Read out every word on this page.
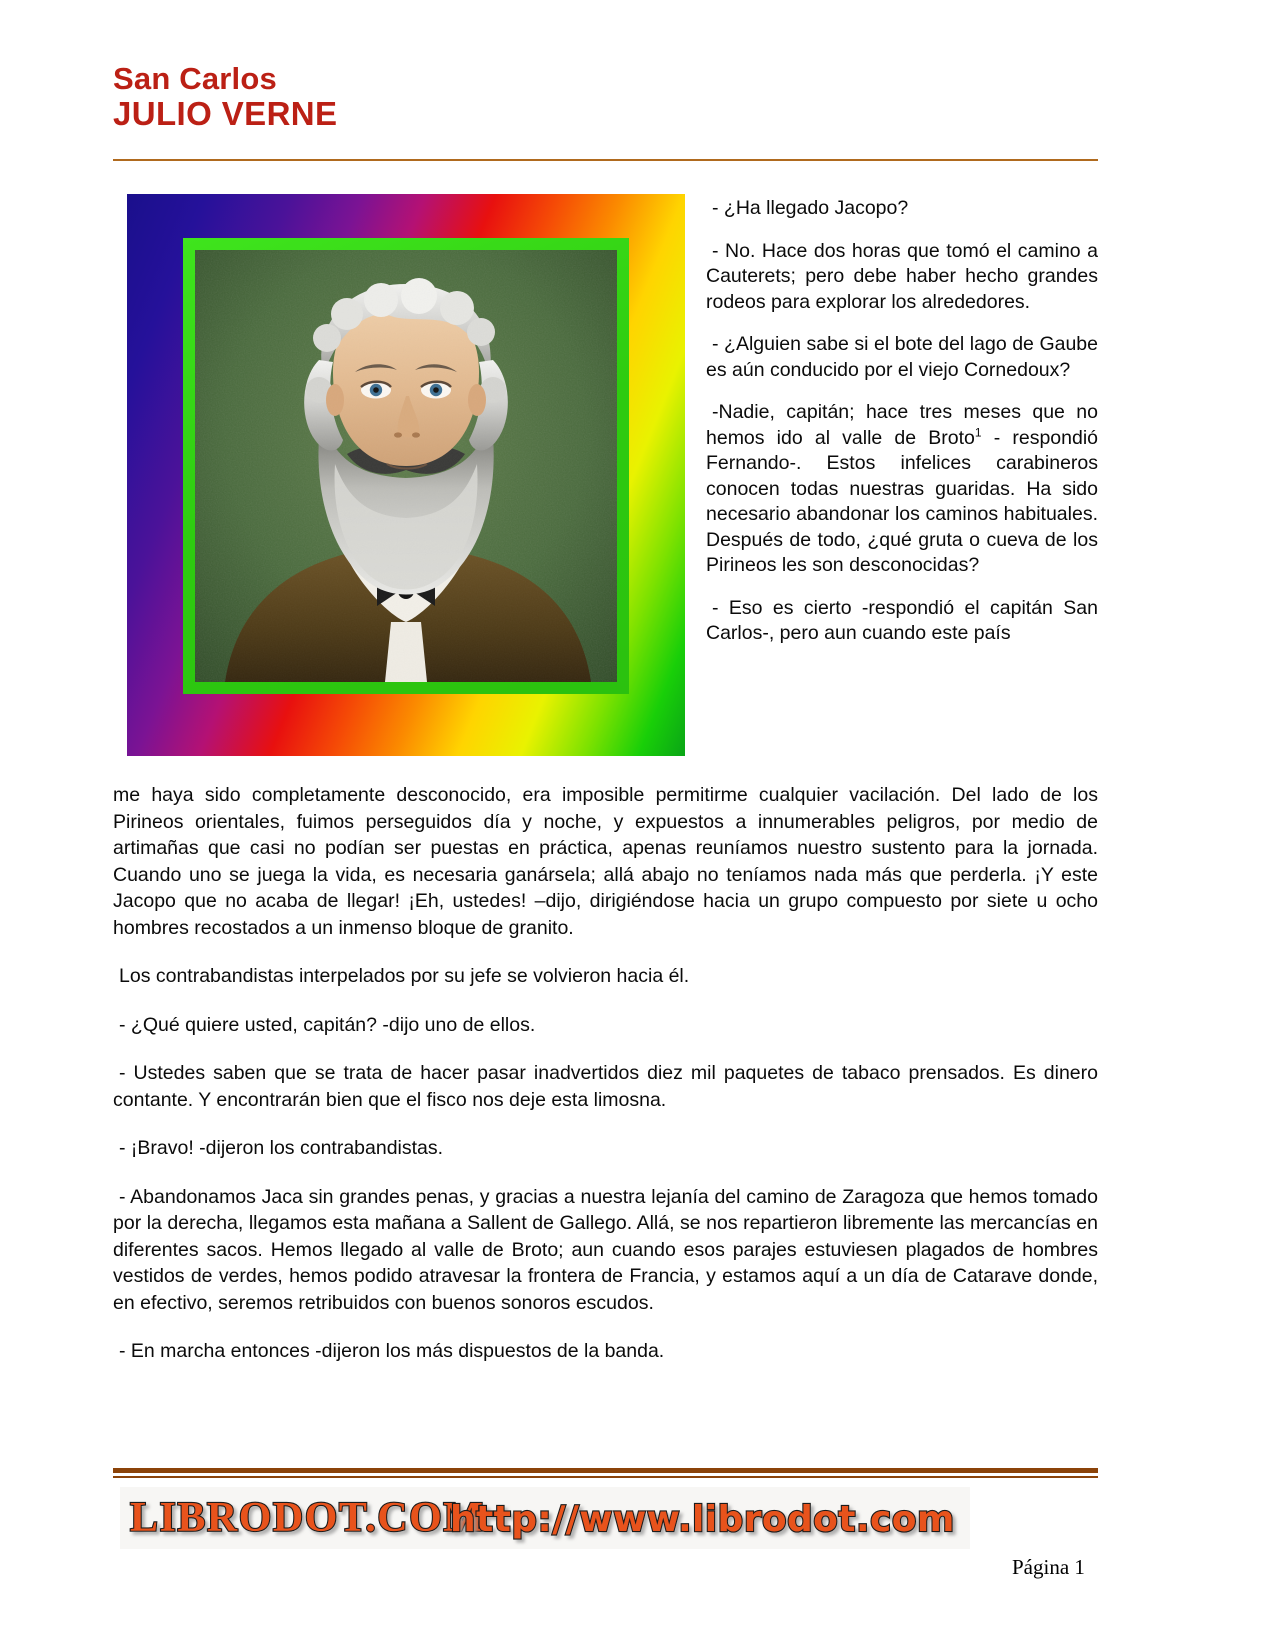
San Carlos
JULIO VERNE

- ¿Ha llegado Jacopo?

- No. Hace dos horas que tomó el camino a Cauterets; pero debe haber hecho grandes rodeos para explorar los alrededores.

- ¿Alguien sabe si el bote del lago de Gaube es aún conducido por el viejo Cornedoux?

-Nadie, capitán; hace tres meses que no hemos ido al valle de Broto$^1$ - respondió Fernando-. Estos infelices carabineros conocen todas nuestras guaridas. Ha sido necesario abandonar los caminos habituales. Después de todo, ¿qué gruta o cueva de los Pirineos les son desconocidas?

- Eso es cierto -respondió el capitán San Carlos-, pero aun cuando este país

me haya sido completamente desconocido, era imposible permitirme cualquier vacilación. Del lado de los Pirineos orientales, fuimos perseguidos día y noche, y expuestos a innumerables peligros, por medio de artimañas que casi no podían ser puestas en práctica, apenas reuníamos nuestro sustento para la jornada. Cuando uno se juega la vida, es necesaria ganársela; allá abajo no teníamos nada más que perderla. ¡Y este Jacopo que no acaba de llegar! ¡Eh, ustedes! –dijo, dirigiéndose hacia un grupo compuesto por siete u ocho hombres recostados a un inmenso bloque de granito.

Los contrabandistas interpelados por su jefe se volvieron hacia él.

- ¿Qué quiere usted, capitán? -dijo uno de ellos.

- Ustedes saben que se trata de hacer pasar inadvertidos diez mil paquetes de tabaco prensados. Es dinero contante. Y encontrarán bien que el fisco nos deje esta limosna.

- ¡Bravo! -dijeron los contrabandistas.

- Abandonamos Jaca sin grandes penas, y gracias a nuestra lejanía del camino de Zaragoza que hemos tomado por la derecha, llegamos esta mañana a Sallent de Gallego. Allá, se nos repartieron libremente las mercancías en diferentes sacos. Hemos llegado al valle de Broto; aun cuando esos parajes estuviesen plagados de hombres vestidos de verdes, hemos podido atravesar la frontera de Francia, y estamos aquí a un día de Catarave donde, en efectivo, seremos retribuidos con buenos sonoros escudos.

- En marcha entonces -dijeron los más dispuestos de la banda.

LIBRODOT.COM
http://www.librodot.com
Página 1
